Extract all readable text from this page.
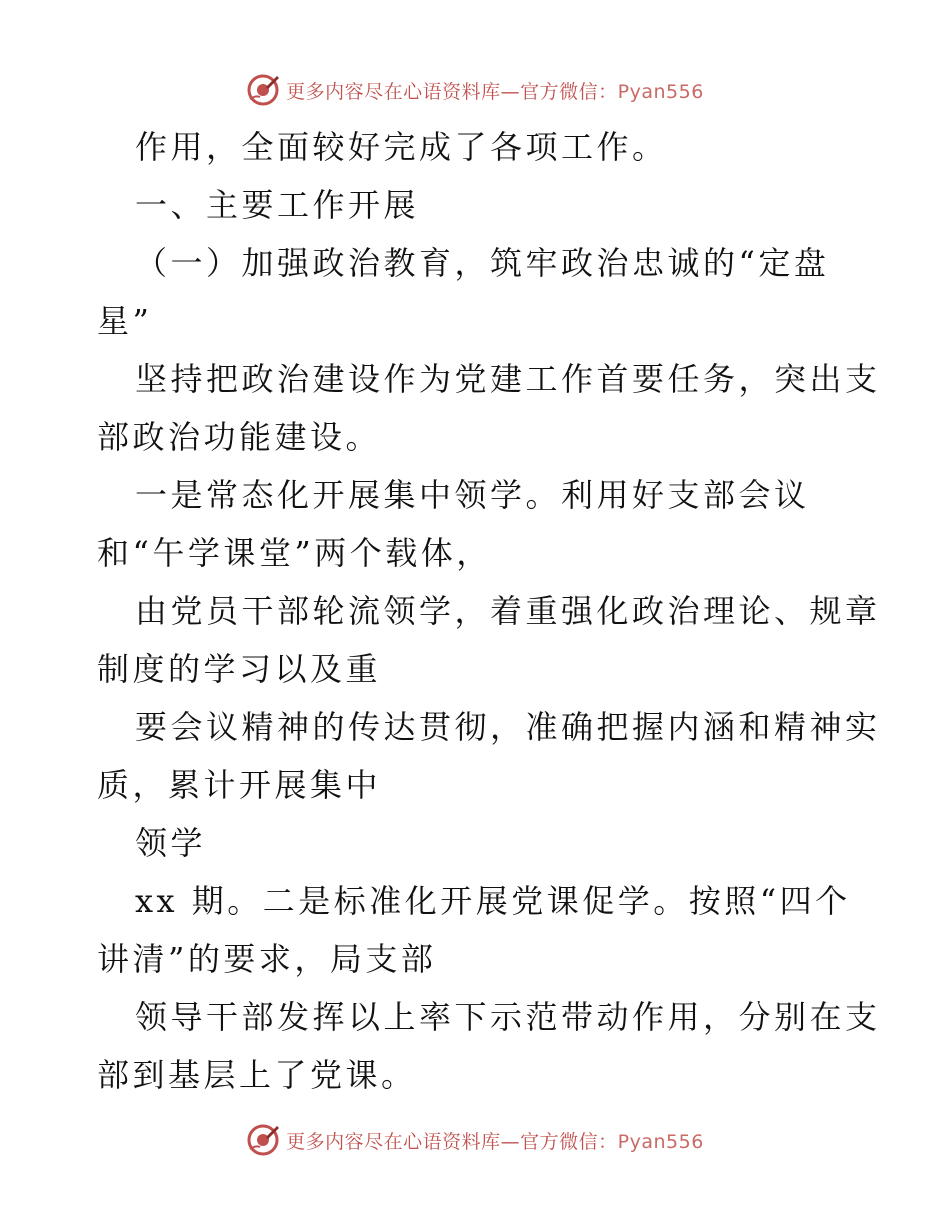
更多内容尽在心语资料库—官方微信：Pyan556
作用，全面较好完成了各项工作。
一、主要工作开展
（一）加强政治教育，筑牢政治忠诚的“定盘
星”
坚持把政治建设作为党建工作首要任务，突出支
部政治功能建设。
一是常态化开展集中领学。利用好支部会议
和“午学课堂”两个载体，
由党员干部轮流领学，着重强化政治理论、规章
制度的学习以及重
要会议精神的传达贯彻，准确把握内涵和精神实
质，累计开展集中
领学
xx 期。二是标准化开展党课促学。按照“四个
讲清”的要求，局支部
领导干部发挥以上率下示范带动作用，分别在支
部到基层上了党课。
更多内容尽在心语资料库—官方微信：Pyan556
